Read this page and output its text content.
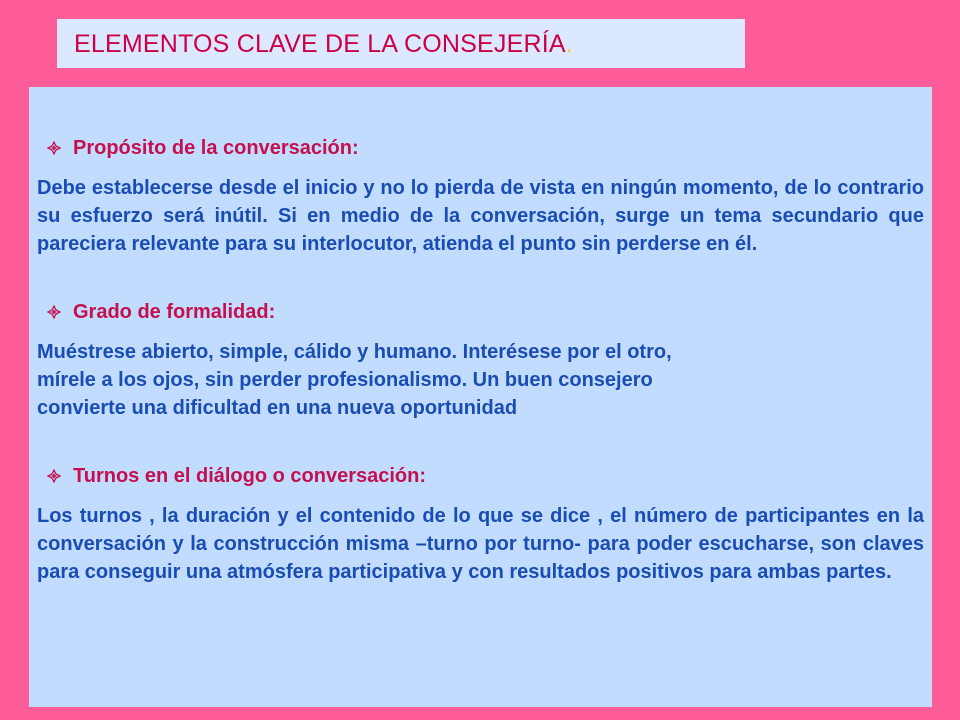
ELEMENTOS CLAVE DE LA CONSEJERÍA.
Propósito de la conversación:

Debe establecerse desde el inicio y no lo pierda de vista en ningún momento, de lo contrario su esfuerzo será inútil. Si en medio de la conversación, surge un tema secundario que pareciera relevante para su interlocutor, atienda el punto sin perderse en él.

Grado de formalidad:

Muéstrese abierto, simple, cálido y humano. Interésese por el otro,
mírele a los ojos, sin perder profesionalismo. Un buen consejero
convierte una dificultad en una nueva oportunidad

Turnos en el diálogo o conversación:

Los turnos , la duración y el contenido de lo que se dice , el número de participantes en la conversación y la construcción misma –turno por turno- para poder escucharse, son claves para conseguir una atmósfera participativa y con resultados positivos para ambas partes.
